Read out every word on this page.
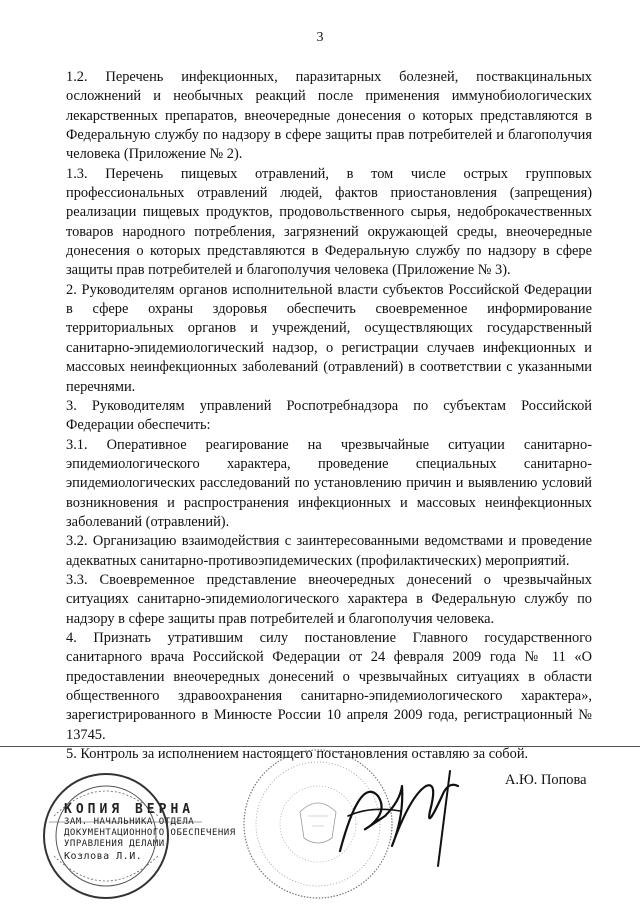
3

1.2. Перечень инфекционных, паразитарных болезней, поствакцинальных осложнений и необычных реакций после применения иммунобиологических лекарственных препаратов, внеочередные донесения о которых представляются в Федеральную службу по надзору в сфере защиты прав потребителей и благополучия человека (Приложение № 2).

1.3. Перечень пищевых отравлений, в том числе острых групповых профессиональных отравлений людей, фактов приостановления (запрещения) реализации пищевых продуктов, продовольственного сырья, недоброкачественных товаров народного потребления, загрязнений окружающей среды, внеочередные донесения о которых представляются в Федеральную службу по надзору в сфере защиты прав потребителей и благополучия человека (Приложение № 3).

2. Руководителям органов исполнительной власти субъектов Российской Федерации в сфере охраны здоровья обеспечить своевременное информирование территориальных органов и учреждений, осуществляющих государственный санитарно-эпидемиологический надзор, о регистрации случаев инфекционных и массовых неинфекционных заболеваний (отравлений) в соответствии с указанными перечнями.

3. Руководителям управлений Роспотребнадзора по субъектам Российской Федерации обеспечить:

3.1. Оперативное реагирование на чрезвычайные ситуации санитарно-эпидемиологического характера, проведение специальных санитарно-эпидемиологических расследований по установлению причин и выявлению условий возникновения и распространения инфекционных и массовых неинфекционных заболеваний (отравлений).

3.2. Организацию взаимодействия с заинтересованными ведомствами и проведение адекватных санитарно-противоэпидемических (профилактических) мероприятий.

3.3. Своевременное представление внеочередных донесений о чрезвычайных ситуациях санитарно-эпидемиологического характера в Федеральную службу по надзору в сфере защиты прав потребителей и благополучия человека.

4. Признать утратившим силу постановление Главного государственного санитарного врача Российской Федерации от 24 февраля 2009 года № 11 «О предоставлении внеочередных донесений о чрезвычайных ситуациях в области общественного здравоохранения санитарно-эпидемиологического характера», зарегистрированного в Минюсте России 10 апреля 2009 года, регистрационный № 13745.

5. Контроль за исполнением настоящего постановления оставляю за собой.

КОПИЯ ВЕРНА
ЗАМ. НАЧАЛЬНИКА ОТДЕЛА
ДОКУМЕНТАЦИОННОГО ОБЕСПЕЧЕНИЯ
УПРАВЛЕНИЯ ДЕЛАМИ
Козлова Л.И.
А.Ю. Попова
